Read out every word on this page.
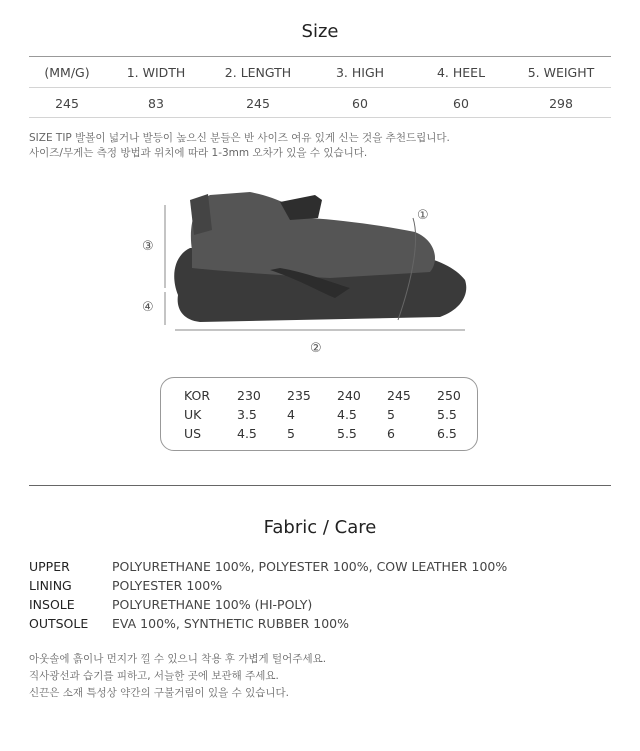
Size
(MM/G)	1. WIDTH	2. LENGTH	3. HIGH	4. HEEL	5. WEIGHT
245	83	245	60	60	298
SIZE TIP 발볼이 넓거나 발등이 높으신 분들은 반 사이즈 여유 있게 신는 것을 추천드립니다.
사이즈/무게는 측정 방법과 위치에 따라 1-3mm 오차가 있을 수 있습니다.
①
②
③
④
KOR	230	235	240	245	250
UK	3.5	4	4.5	5	5.5
US	4.5	5	5.5	6	6.5
Fabric / Care
UPPER	POLYURETHANE 100%, POLYESTER 100%, COW LEATHER 100%
LINING	POLYESTER 100%
INSOLE	POLYURETHANE 100% (HI-POLY)
OUTSOLE	EVA 100%, SYNTHETIC RUBBER 100%
아웃솔에 흙이나 먼지가 낄 수 있으니 착용 후 가볍게 털어주세요.
직사광선과 습기를 피하고, 서늘한 곳에 보관해 주세요.
신끈은 소재 특성상 약간의 구불거림이 있을 수 있습니다.
